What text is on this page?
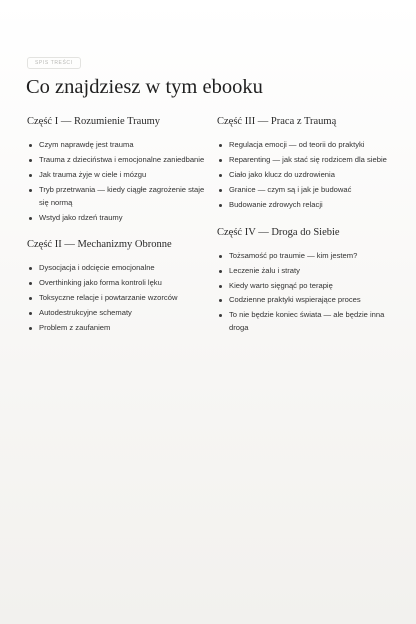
SPIS TREŚCI
Co znajdziesz w tym ebooku
Część I — Rozumienie Traumy
Czym naprawdę jest trauma
Trauma z dzieciństwa i emocjonalne zaniedbanie
Jak trauma żyje w ciele i mózgu
Tryb przetrwania — kiedy ciągłe zagrożenie staje się normą
Wstyd jako rdzeń traumy
Część II — Mechanizmy Obronne
Dysocjacja i odcięcie emocjonalne
Overthinking jako forma kontroli lęku
Toksyczne relacje i powtarzanie wzorców
Autodestrukcyjne schematy
Problem z zaufaniem
Część III — Praca z Traumą
Regulacja emocji — od teorii do praktyki
Reparenting — jak stać się rodzicem dla siebie
Ciało jako klucz do uzdrowienia
Granice — czym są i jak je budować
Budowanie zdrowych relacji
Część IV — Droga do Siebie
Tożsamość po traumie — kim jestem?
Leczenie żalu i straty
Kiedy warto sięgnąć po terapię
Codzienne praktyki wspierające proces
To nie będzie koniec świata — ale będzie inna droga
